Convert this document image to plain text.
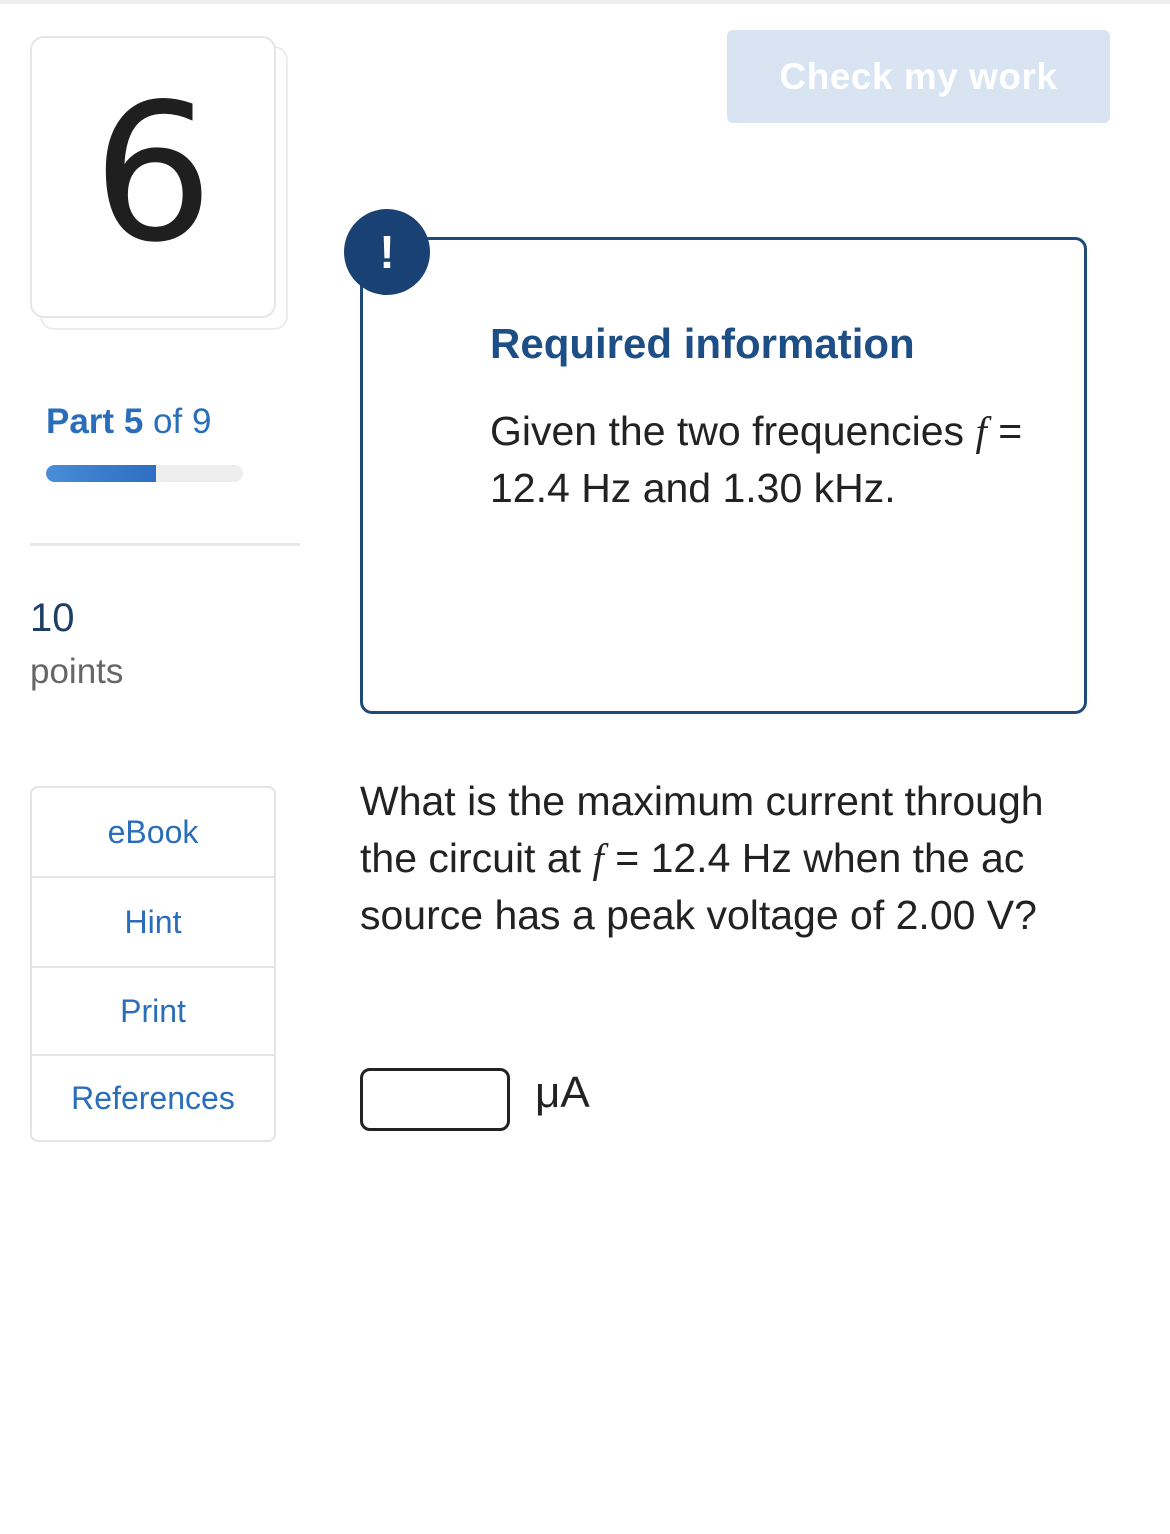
6
Part 5 of 9
10
points
eBook
Hint
Print
References
Check my work
!
Required information
Given the two frequencies f = 12.4 Hz and 1.30 kHz.
What is the maximum current through the circuit at f = 12.4 Hz when the ac source has a peak voltage of 2.00 V?
μA
